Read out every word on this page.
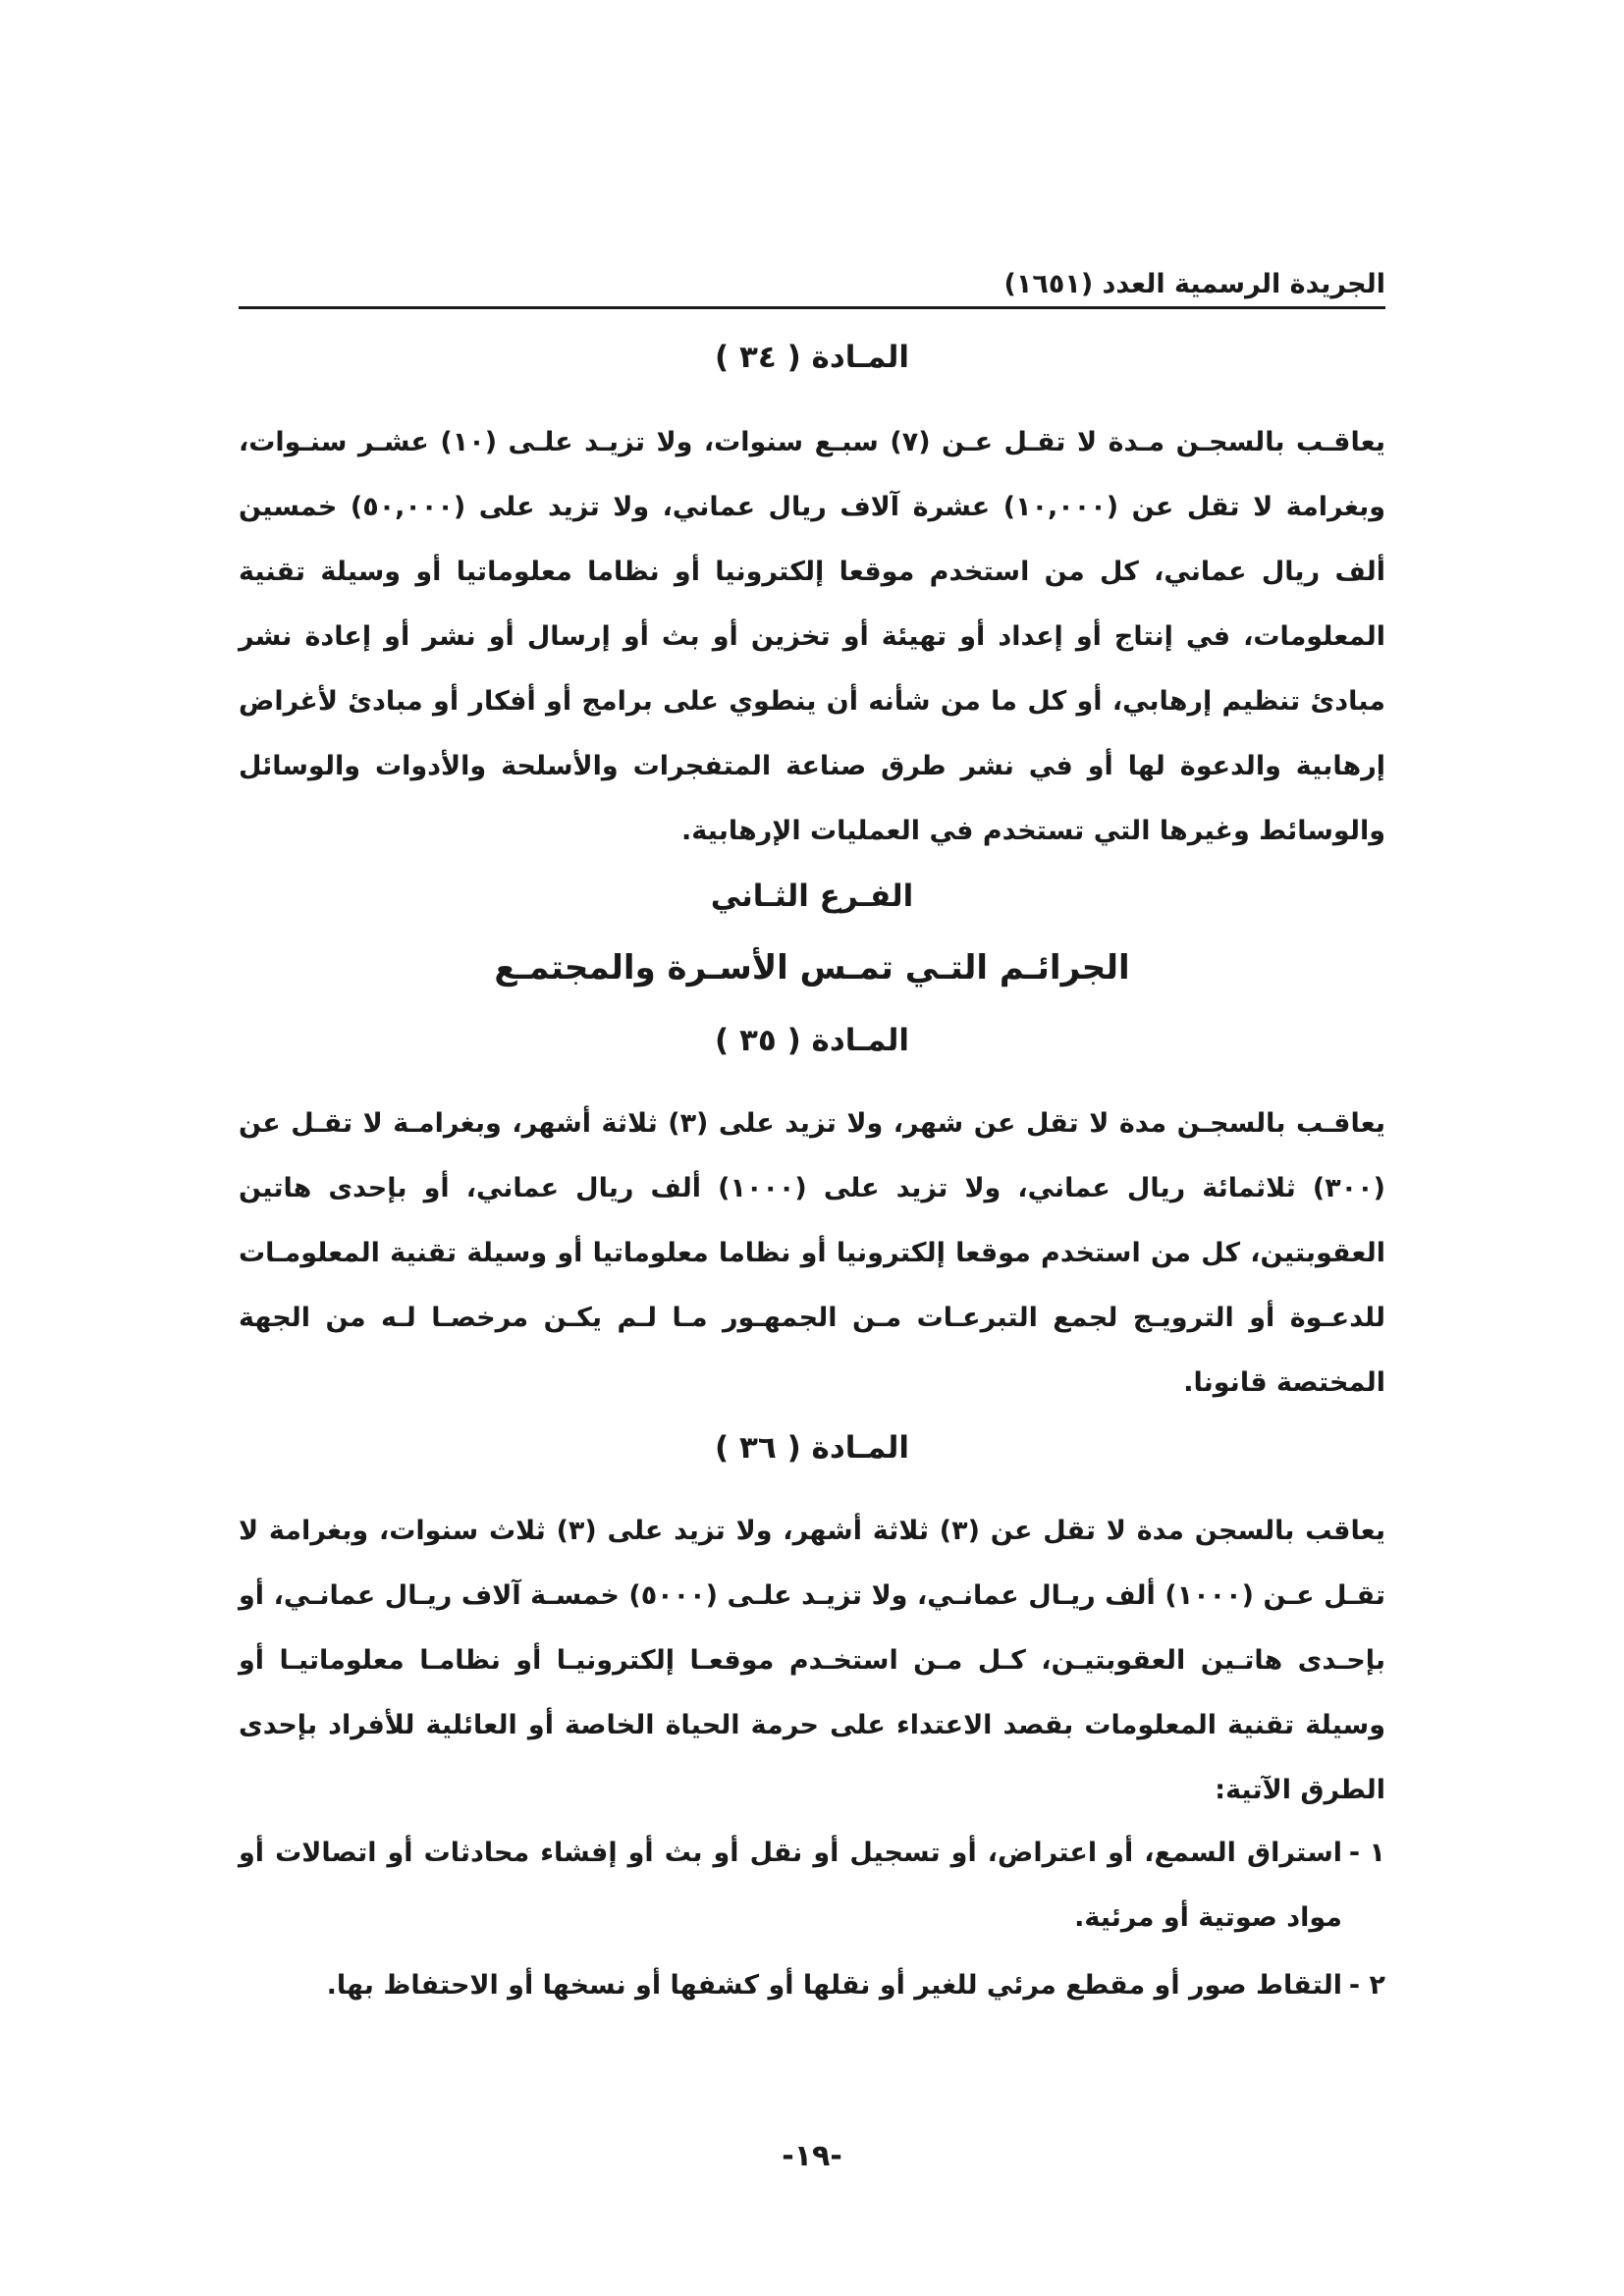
الجريدة الرسمية العدد (١٦٥١)
المـادة ( ٣٤ )

يعاقـب بالسجـن مـدة لا تقـل عـن (٧) سبـع سنوات، ولا تزيـد علـى (١٠) عشـر سنـوات، وبغرامة لا تقل عن (١٠,٠٠٠) عشرة آلاف ريال عماني، ولا تزيد على (٥٠,٠٠٠) خمسين ألف ريال عماني، كل من استخدم موقعا إلكترونيا أو نظاما معلوماتيا أو وسيلة تقنية المعلومات، في إنتاج أو إعداد أو تهيئة أو تخزين أو بث أو إرسال أو نشر أو إعادة نشر مبادئ تنظيم إرهابي، أو كل ما من شأنه أن ينطوي على برامج أو أفكار أو مبادئ لأغراض إرهابية والدعوة لها أو في نشر طرق صناعة المتفجرات والأسلحة والأدوات والوسائل والوسائط وغيرها التي تستخدم في العمليات الإرهابية.

الفـرع الثـاني
الجرائـم التـي تمـس الأسـرة والمجتمـع
المـادة ( ٣٥ )

يعاقـب بالسجـن مدة لا تقل عن شهر، ولا تزيد على (٣) ثلاثة أشهر، وبغرامـة لا تقـل عن (٣٠٠) ثلاثمائة ريال عماني، ولا تزيد على (١٠٠٠) ألف ريال عماني، أو بإحدى هاتين العقوبتين، كل من استخدم موقعا إلكترونيا أو نظاما معلوماتيا أو وسيلة تقنية المعلومـات للدعـوة أو الترويـج لجمع التبرعـات مـن الجمهـور مـا لـم يكـن مرخصـا لـه من الجهة المختصة قانونا.

المـادة ( ٣٦ )

يعاقب بالسجن مدة لا تقل عن (٣) ثلاثة أشهر، ولا تزيد على (٣) ثلاث سنوات، وبغرامة لا تقـل عـن (١٠٠٠) ألف ريـال عمانـي، ولا تزيـد علـى (٥٠٠٠) خمسـة آلاف ريـال عمانـي، أو بإحـدى هاتـين العقوبتيـن، كـل مـن استخـدم موقعـا إلكترونيـا أو نظامـا معلوماتيـا أو وسيلة تقنية المعلومات بقصد الاعتداء على حرمة الحياة الخاصة أو العائلية للأفراد بإحدى الطرق الآتية:

١ -
استراق السمع، أو اعتراض، أو تسجيل أو نقل أو بث أو إفشاء محادثات أو اتصالات أو مواد صوتية أو مرئية.
٢ -
التقاط صور أو مقطع مرئي للغير أو نقلها أو كشفها أو نسخها أو الاحتفاظ بها.
-١٩-
